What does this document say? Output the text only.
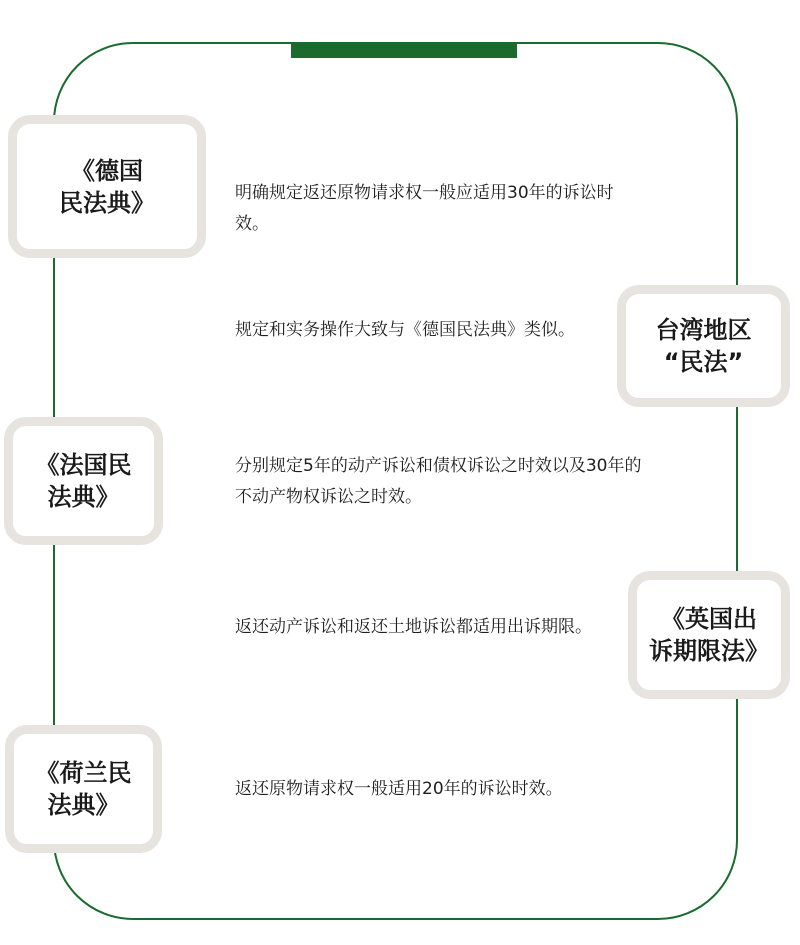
《德国
民法典》	明确规定返还原物请求权一般应适用30年的诉讼时效。
台湾地区
“民法”
规定和实务操作大致与《德国民法典》类似。
《法国民
法典》
分别规定5年的动产诉讼和债权诉讼之时效以及30年的不动产物权诉讼之时效。
《英国出
诉期限法》
返还动产诉讼和返还土地诉讼都适用出诉期限。
《荷兰民
法典》
返还原物请求权一般适用20年的诉讼时效。
